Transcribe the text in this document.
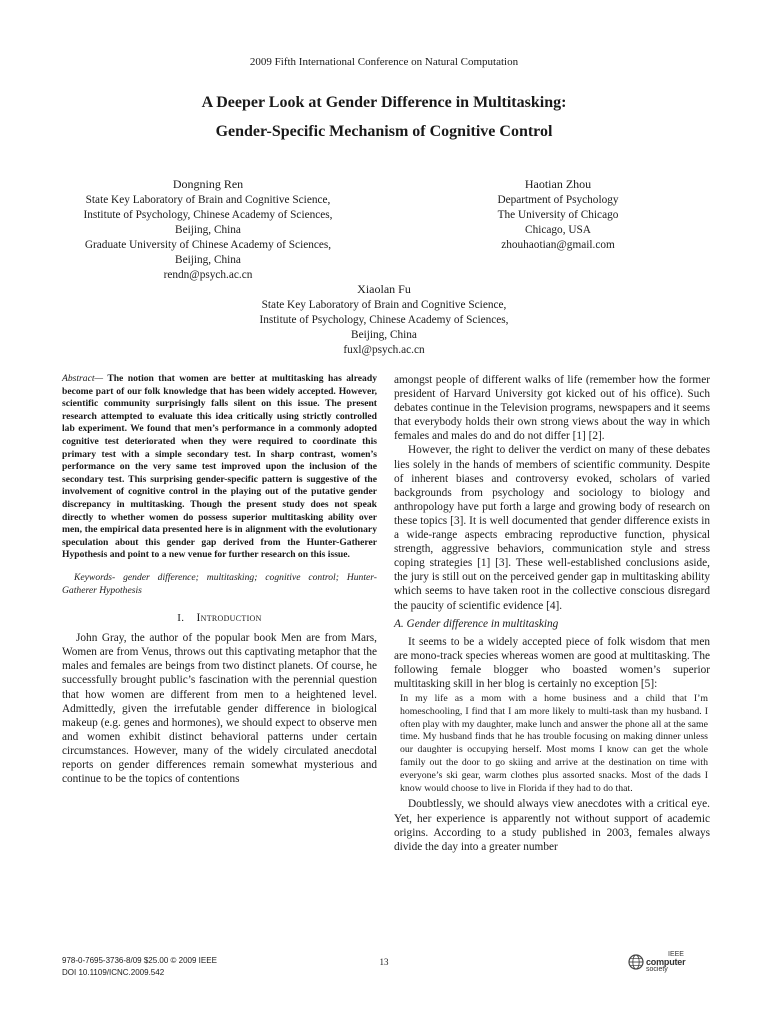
2009 Fifth International Conference on Natural Computation
A Deeper Look at Gender Difference in Multitasking:
Gender-Specific Mechanism of Cognitive Control
Dongning Ren
State Key Laboratory of Brain and Cognitive Science,
Institute of Psychology, Chinese Academy of Sciences,
Beijing, China
Graduate University of Chinese Academy of Sciences,
Beijing, China
rendn@psych.ac.cn
Haotian Zhou
Department of Psychology
The University of Chicago
Chicago, USA
zhouhaotian@gmail.com
Xiaolan Fu
State Key Laboratory of Brain and Cognitive Science,
Institute of Psychology, Chinese Academy of Sciences,
Beijing, China
fuxl@psych.ac.cn

Abstract— The notion that women are better at multitasking has already become part of our folk knowledge that has been widely accepted. However, scientific community surprisingly falls silent on this issue. The present research attempted to evaluate this idea critically using strictly controlled lab experiment. We found that men’s performance in a commonly adopted cognitive test deteriorated when they were required to coordinate this primary test with a simple secondary test. In sharp contrast, women’s performance on the very same test improved upon the inclusion of the secondary test. This surprising gender-specific pattern is suggestive of the involvement of cognitive control in the playing out of the putative gender discrepancy in multitasking. Though the present study does not speak directly to whether women do possess superior multitasking ability over men, the empirical data presented here is in alignment with the evolutionary speculation about this gender gap derived from the Hunter-Gatherer Hypothesis and point to a new venue for further research on this issue.

Keywords- gender difference; multitasking; cognitive control; Hunter-Gatherer Hypothesis

I. Introduction

John Gray, the author of the popular book Men are from Mars, Women are from Venus, throws out this captivating metaphor that the males and females are beings from two distinct planets. Of course, he successfully brought public’s fascination with the perennial question that how women are different from men to a heightened level. Admittedly, given the irrefutable gender difference in biological makeup (e.g. genes and hormones), we should expect to observe men and women exhibit distinct behavioral patterns under certain circumstances. However, many of the widely circulated anecdotal reports on gender differences remain somewhat mysterious and continue to be the topics of contentions

amongst people of different walks of life (remember how the former president of Harvard University got kicked out of his office). Such debates continue in the Television programs, newspapers and it seems that everybody holds their own strong views about the way in which females and males do and do not differ [1] [2].

However, the right to deliver the verdict on many of these debates lies solely in the hands of members of scientific community. Despite of inherent biases and controversy evoked, scholars of varied backgrounds from psychology and sociology to biology and anthropology have put forth a large and growing body of research on these topics [3]. It is well documented that gender difference exists in a wide-range aspects embracing reproductive function, physical strength, aggressive behaviors, communication style and stress coping strategies [1] [3]. These well-established conclusions aside, the jury is still out on the perceived gender gap in multitasking ability which seems to have taken root in the collective conscious disregard the paucity of scientific evidence [4].

A. Gender difference in multitasking

It seems to be a widely accepted piece of folk wisdom that men are mono-track species whereas women are good at multitasking. The following female blogger who boasted women’s superior multitasking skill in her blog is certainly no exception [5]:

In my life as a mom with a home business and a child that I’m homeschooling, I find that I am more likely to multi-task than my husband. I often play with my daughter, make lunch and answer the phone all at the same time. My husband finds that he has trouble focusing on making dinner unless our daughter is occupying herself. Most moms I know can get the whole family out the door to go skiing and arrive at the destination on time with everyone’s ski gear, warm clothes plus assorted snacks. Most of the dads I know would choose to live in Florida if they had to do that.

Doubtlessly, we should always view anecdotes with a critical eye. Yet, her experience is apparently not without support of academic origins. According to a study published in 2003, females always divide the day into a greater number

978-0-7695-3736-8/09 $25.00 © 2009 IEEE
DOI 10.1109/ICNC.2009.542
13
IEEE
computer
society
